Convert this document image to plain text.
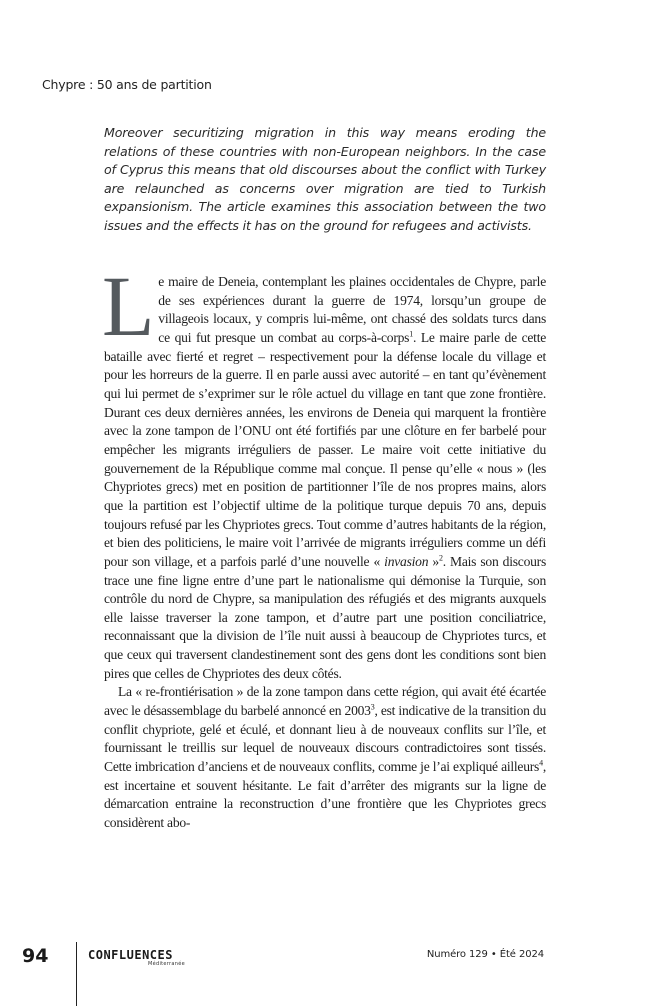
Chypre : 50 ans de partition
Moreover securitizing migration in this way means eroding the relations of these countries with non-European neighbors. In the case of Cyprus this means that old discourses about the conflict with Turkey are relaunched as concerns over migration are tied to Turkish expansionism. The article examines this association between the two issues and the effects it has on the ground for refugees and activists.

Le maire de Deneia, contemplant les plaines occidentales de Chypre, parle de ses expériences durant la guerre de 1974, lorsqu’un groupe de villageois locaux, y compris lui-même, ont chassé des soldats turcs dans ce qui fut presque un combat au corps-à-corps$^1$. Le maire parle de cette bataille avec fierté et regret – respectivement pour la défense locale du village et pour les horreurs de la guerre. Il en parle aussi avec autorité – en tant qu’évènement qui lui permet de s’exprimer sur le rôle actuel du village en tant que zone frontière. Durant ces deux dernières années, les environs de Deneia qui marquent la frontière avec la zone tampon de l’ONU ont été fortifiés par une clôture en fer barbelé pour empêcher les migrants irréguliers de passer. Le maire voit cette initiative du gouvernement de la République comme mal conçue. Il pense qu’elle « nous » (les Chypriotes grecs) met en position de partitionner l’île de nos propres mains, alors que la partition est l’objectif ultime de la politique turque depuis 70 ans, depuis toujours refusé par les Chypriotes grecs. Tout comme d’autres habitants de la région, et bien des politiciens, le maire voit l’arrivée de migrants irréguliers comme un défi pour son village, et a parfois parlé d’une nouvelle « invasion »$^2$. Mais son discours trace une fine ligne entre d’une part le nationalisme qui démonise la Turquie, son contrôle du nord de Chypre, sa manipulation des réfugiés et des migrants auxquels elle laisse traverser la zone tampon, et d’autre part une position conciliatrice, reconnaissant que la division de l’île nuit aussi à beaucoup de Chypriotes turcs, et que ceux qui traversent clandestinement sont des gens dont les conditions sont bien pires que celles de Chypriotes des deux côtés.

La « re-frontiérisation » de la zone tampon dans cette région, qui avait été écartée avec le désassemblage du barbelé annoncé en 2003$^3$, est indicative de la transition du conflit chypriote, gelé et éculé, et donnant lieu à de nouveaux conflits sur l’île, et fournissant le treillis sur lequel de nouveaux discours contradictoires sont tissés. Cette imbrication d’anciens et de nouveaux conflits, comme je l’ai expliqué ailleurs$^4$, est incertaine et souvent hésitante. Le fait d’arrêter des migrants sur la ligne de démarcation entraine la reconstruction d’une frontière que les Chypriotes grecs considèrent abo-

94	CONFLUENCES
Méditerranée
Numéro 129 • Été 2024
